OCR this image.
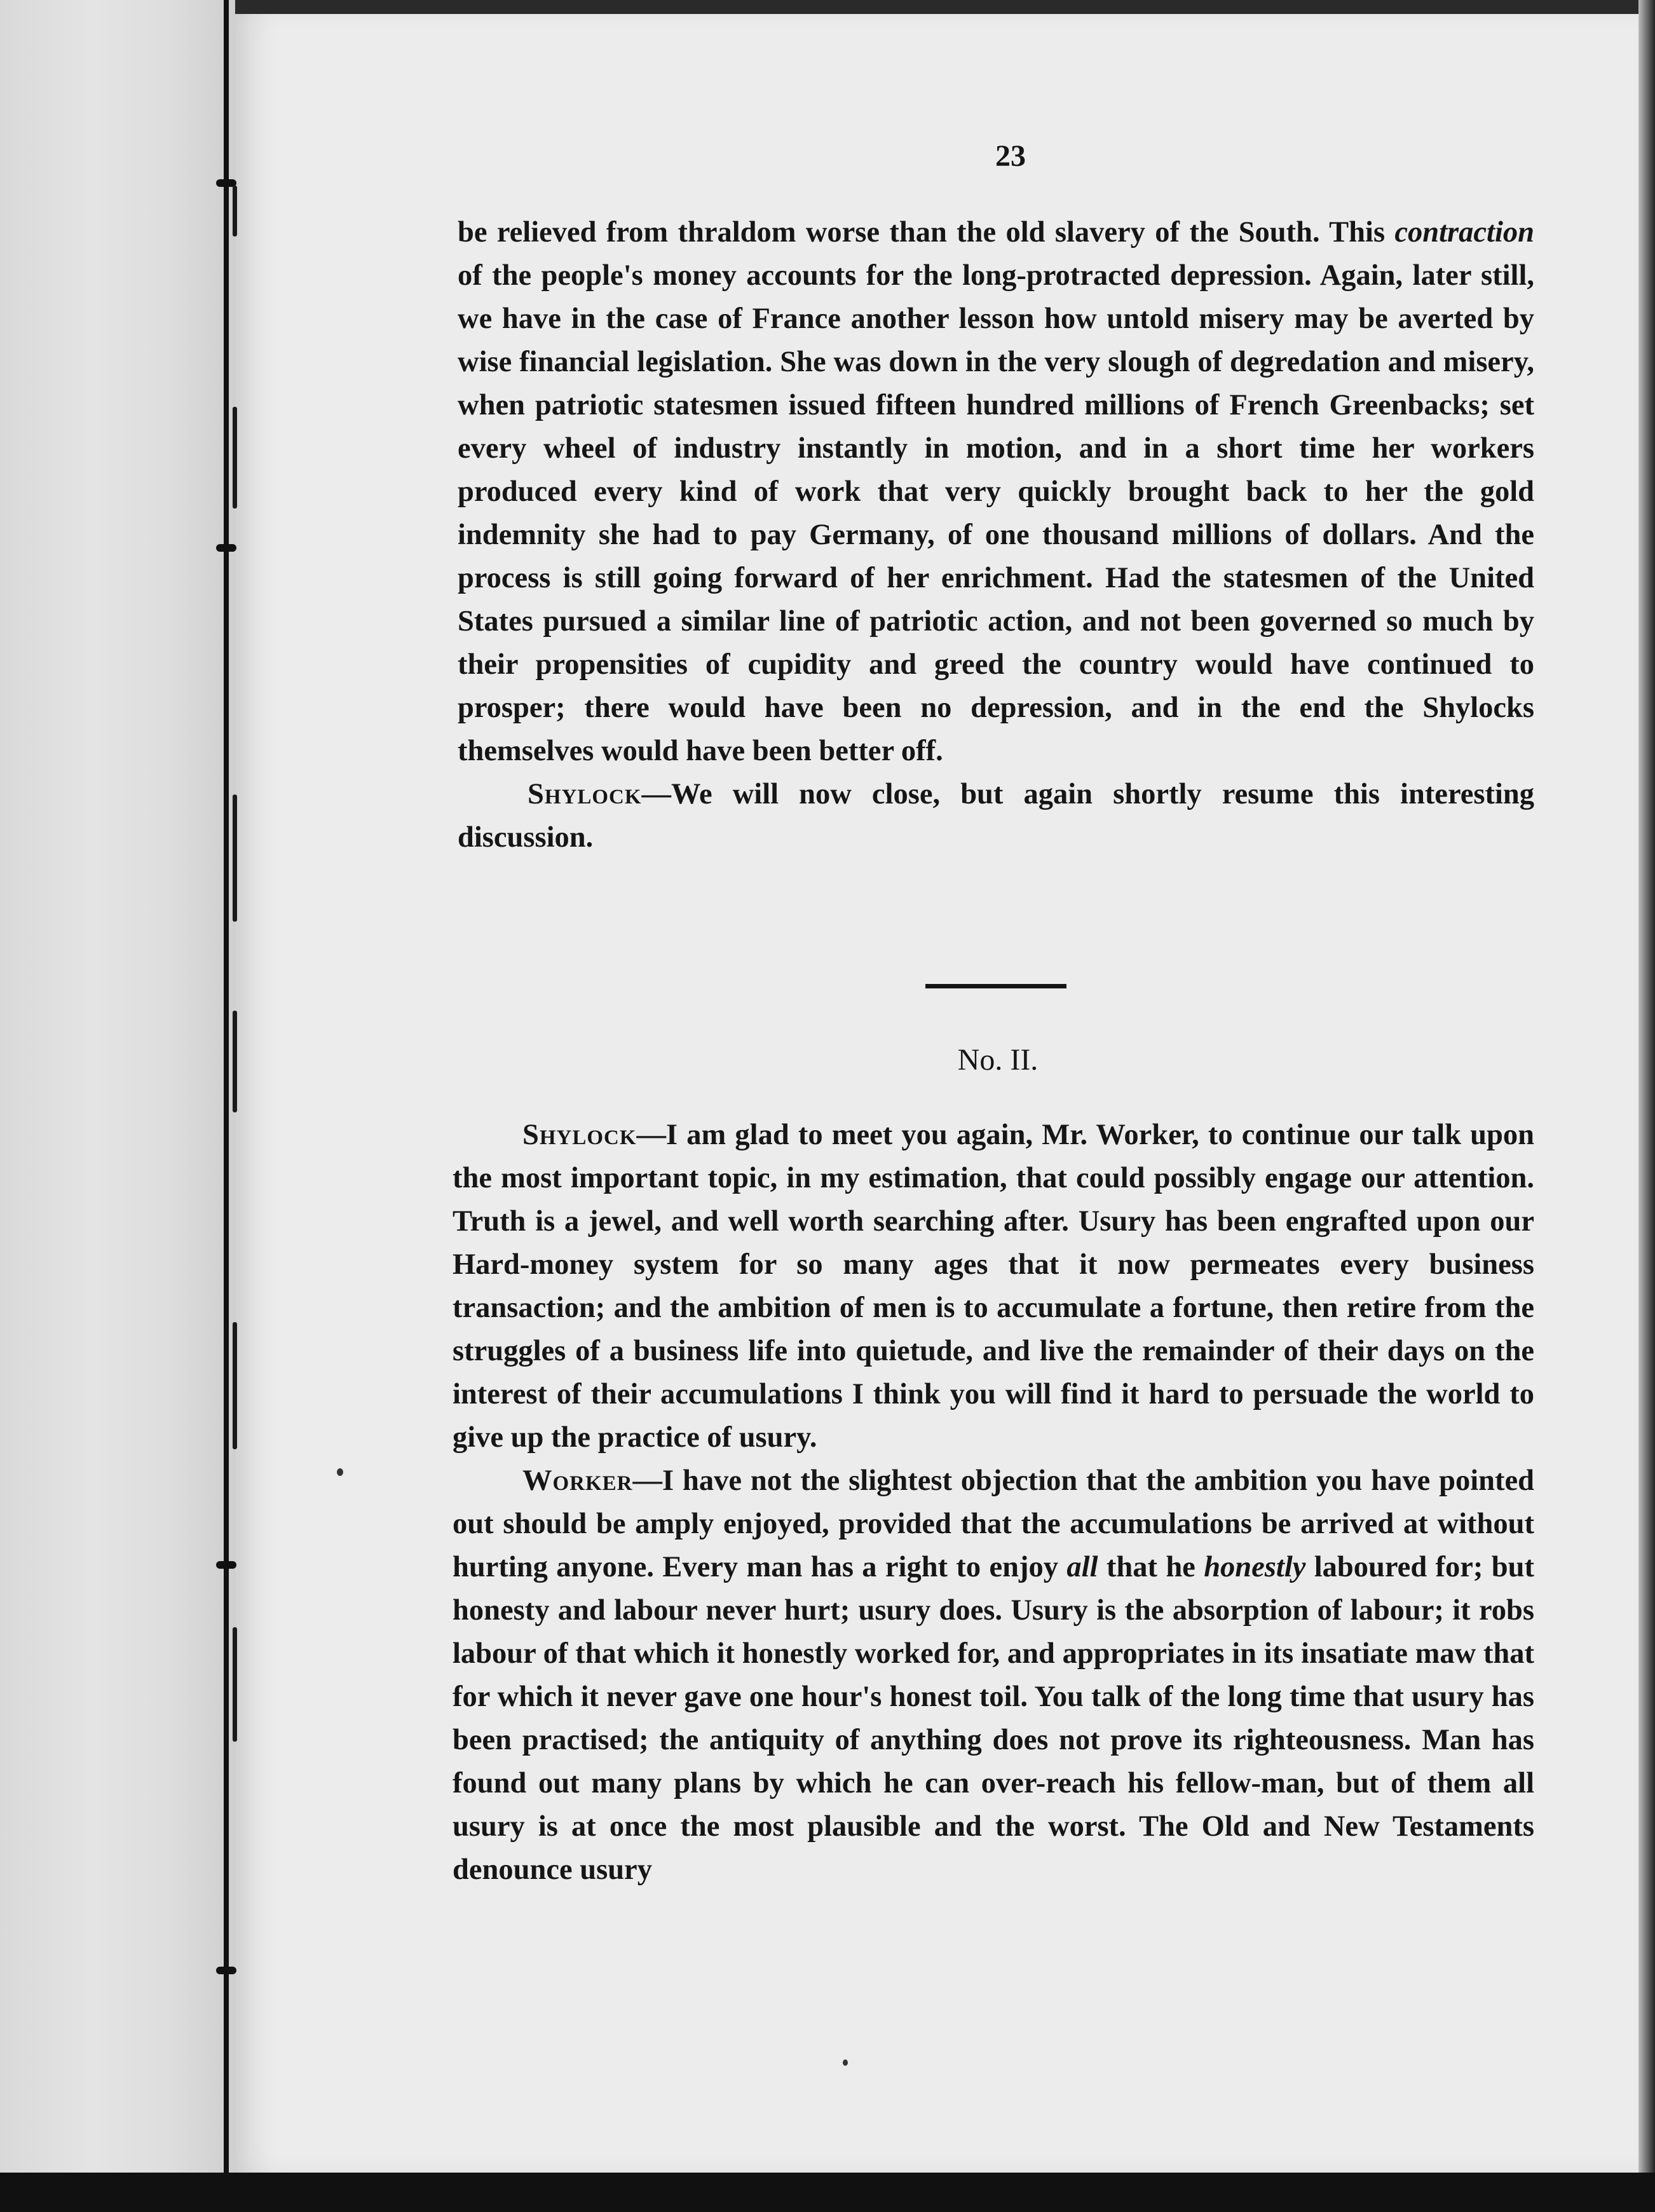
23

be relieved from thraldom worse than the old slavery of the South. This contraction of the people's money accounts for the long-protracted depression. Again, later still, we have in the case of France another lesson how untold misery may be averted by wise financial legislation. She was down in the very slough of degredation and misery, when patriotic statesmen issued fifteen hundred millions of French Greenbacks; set every wheel of industry instantly in motion, and in a short time her workers produced every kind of work that very quickly brought back to her the gold indemnity she had to pay Germany, of one thousand millions of dollars. And the process is still going forward of her enrichment. Had the statesmen of the United States pursued a similar line of patriotic action, and not been governed so much by their propensities of cupidity and greed the country would have continued to prosper; there would have been no depression, and in the end the Shylocks themselves would have been better off.

Shylock—We will now close, but again shortly resume this interesting discussion.

No. II.

Shylock—I am glad to meet you again, Mr. Worker, to continue our talk upon the most important topic, in my estimation, that could possibly engage our attention. Truth is a jewel, and well worth searching after. Usury has been engrafted upon our Hard-money system for so many ages that it now permeates every business transaction; and the ambition of men is to accumulate a fortune, then retire from the struggles of a business life into quietude, and live the remainder of their days on the interest of their accumulations I think you will find it hard to persuade the world to give up the practice of usury.

Worker—I have not the slightest objection that the ambition you have pointed out should be amply enjoyed, provided that the accumulations be arrived at without hurting anyone. Every man has a right to enjoy all that he honestly laboured for; but honesty and labour never hurt; usury does. Usury is the absorption of labour; it robs labour of that which it honestly worked for, and appropriates in its insatiate maw that for which it never gave one hour's honest toil. You talk of the long time that usury has been practised; the antiquity of anything does not prove its righteousness. Man has found out many plans by which he can over-reach his fellow-man, but of them all usury is at once the most plausible and the worst. The Old and New Testaments denounce usury
